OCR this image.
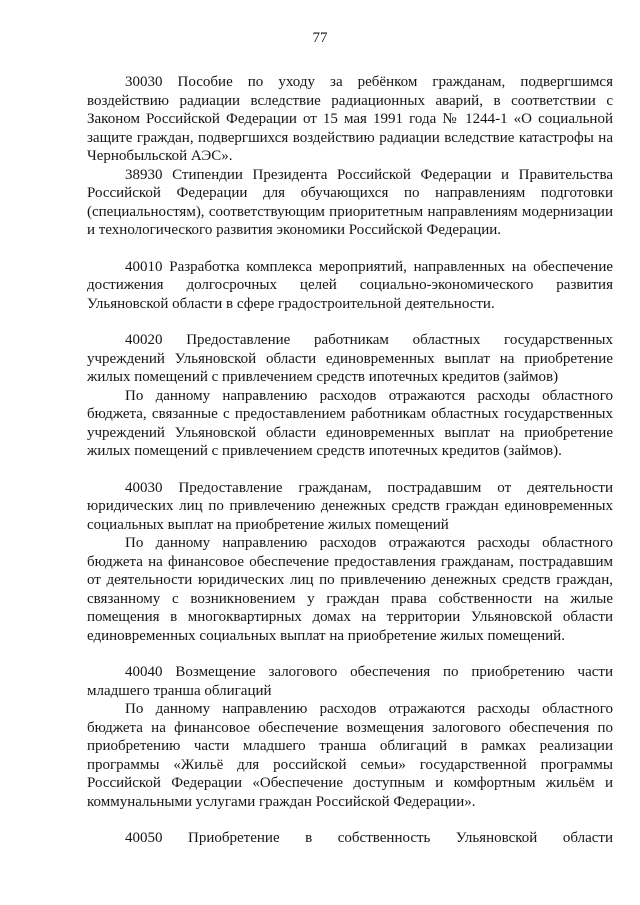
77

30030 Пособие по уходу за ребёнком гражданам, подвергшимся воздействию радиации вследствие радиационных аварий, в соответствии с Законом Российской Федерации от 15 мая 1991 года № 1244-1 «О социальной защите граждан, подвергшихся воздействию радиации вследствие катастрофы на Чернобыльской АЭС».

38930 Стипендии Президента Российской Федерации и Правительства Российской Федерации для обучающихся по направлениям подготовки (специальностям), соответствующим приоритетным направлениям модернизации и технологического развития экономики Российской Федерации.

40010 Разработка комплекса мероприятий, направленных на обеспечение достижения долгосрочных целей социально-экономического развития Ульяновской области в сфере градостроительной деятельности.

40020 Предоставление работникам областных государственных учреждений Ульяновской области единовременных выплат на приобретение жилых помещений с привлечением средств ипотечных кредитов (займов)

По данному направлению расходов отражаются расходы областного бюджета, связанные с предоставлением работникам областных государственных учреждений Ульяновской области единовременных выплат на приобретение жилых помещений с привлечением средств ипотечных кредитов (займов).

40030 Предоставление гражданам, пострадавшим от деятельности юридических лиц по привлечению денежных средств граждан единовременных социальных выплат на приобретение жилых помещений

По данному направлению расходов отражаются расходы областного бюджета на финансовое обеспечение предоставления гражданам, пострадавшим от деятельности юридических лиц по привлечению денежных средств граждан, связанному с возникновением у граждан права собственности на жилые помещения в многоквартирных домах на территории Ульяновской области единовременных социальных выплат на приобретение жилых помещений.

40040 Возмещение залогового обеспечения по приобретению части младшего транша облигаций

По данному направлению расходов отражаются расходы областного бюджета на финансовое обеспечение возмещения залогового обеспечения по приобретению части младшего транша облигаций в рамках реализации программы «Жильё для российской семьи» государственной программы Российской Федерации «Обеспечение доступным и комфортным жильём и коммунальными услугами граждан Российской Федерации».

40050 Приобретение в собственность Ульяновской области
